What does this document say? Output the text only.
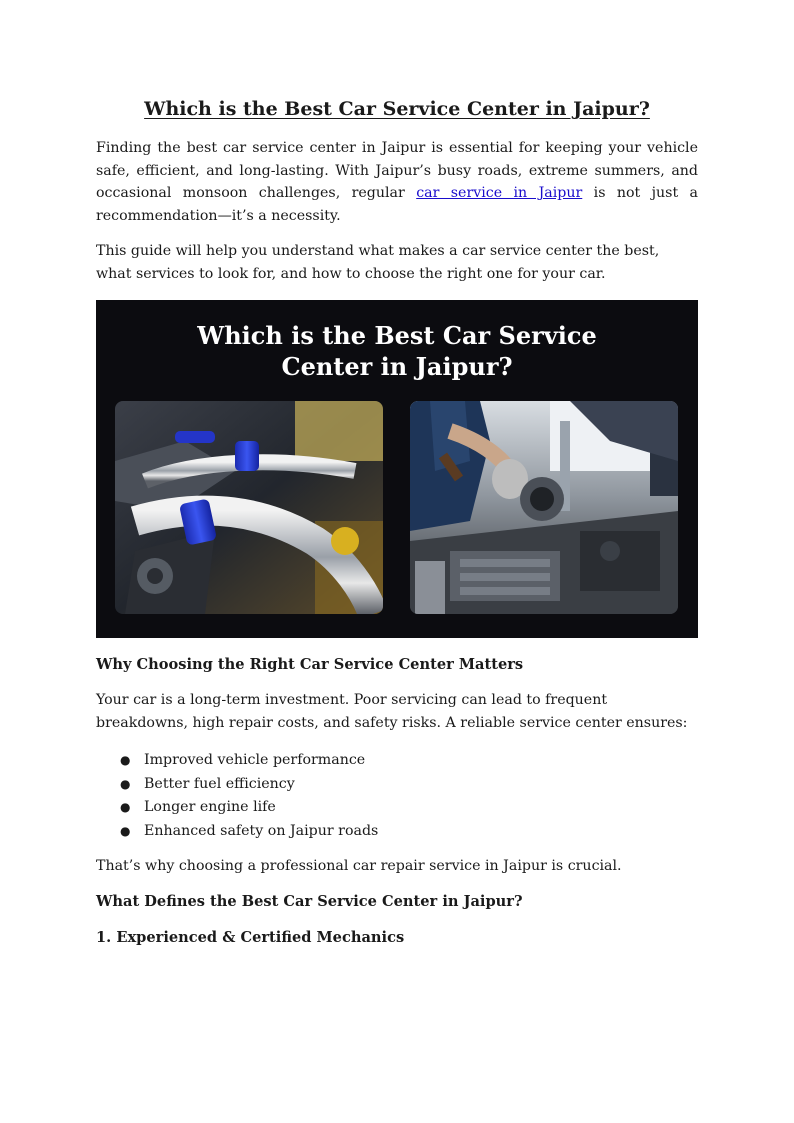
Which is the Best Car Service Center in Jaipur?

Finding the best car service center in Jaipur is essential for keeping your vehicle safe, efficient, and long-lasting. With Jaipur’s busy roads, extreme summers, and occasional monsoon challenges, regular car service in Jaipur is not just a recommendation—it’s a necessity.

This guide will help you understand what makes a car service center the best, what services to look for, and how to choose the right one for your car.

Which is the Best Car Service
Center in Jaipur?
Why Choosing the Right Car Service Center Matters

Your car is a long-term investment. Poor servicing can lead to frequent breakdowns, high repair costs, and safety risks. A reliable service center ensures:

● Improved vehicle performance
● Better fuel efficiency
● Longer engine life
● Enhanced safety on Jaipur roads

That’s why choosing a professional car repair service in Jaipur is crucial.

What Defines the Best Car Service Center in Jaipur?
1. Experienced & Certified Mechanics
